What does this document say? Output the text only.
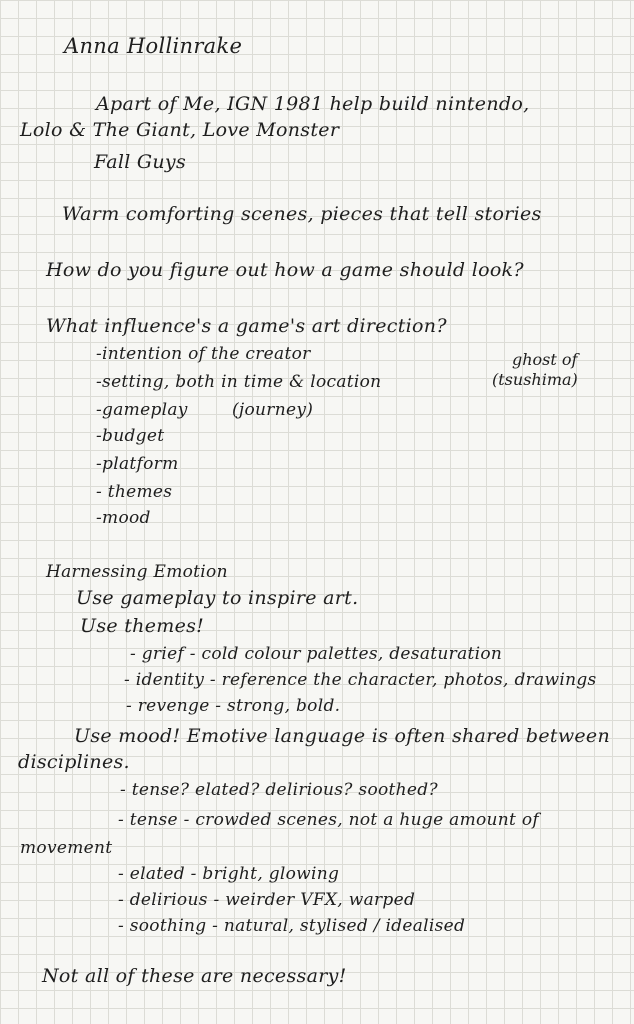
Anna Hollinrake
Apart of Me, IGN 1981 help build nintendo,
Lolo & The Giant, Love Monster
Fall Guys
Warm comforting scenes, pieces that tell stories
How do you figure out how a game should look?
What influence's a game's art direction?
-intention of the creator
-setting, both in time & location
ghost of
(tsushima)
-gameplay	(journey)
-budget
-platform
- themes
-mood
Harnessing Emotion
Use gameplay to inspire art.
Use themes!
- grief - cold colour palettes, desaturation
- identity - reference the character, photos, drawings
- revenge - strong, bold.
Use mood! Emotive language is often shared between
disciplines.
- tense? elated? delirious? soothed?
- tense - crowded scenes, not a huge amount of
movement
- elated - bright, glowing
- delirious - weirder VFX, warped
- soothing - natural, stylised / idealised
Not all of these are necessary!
